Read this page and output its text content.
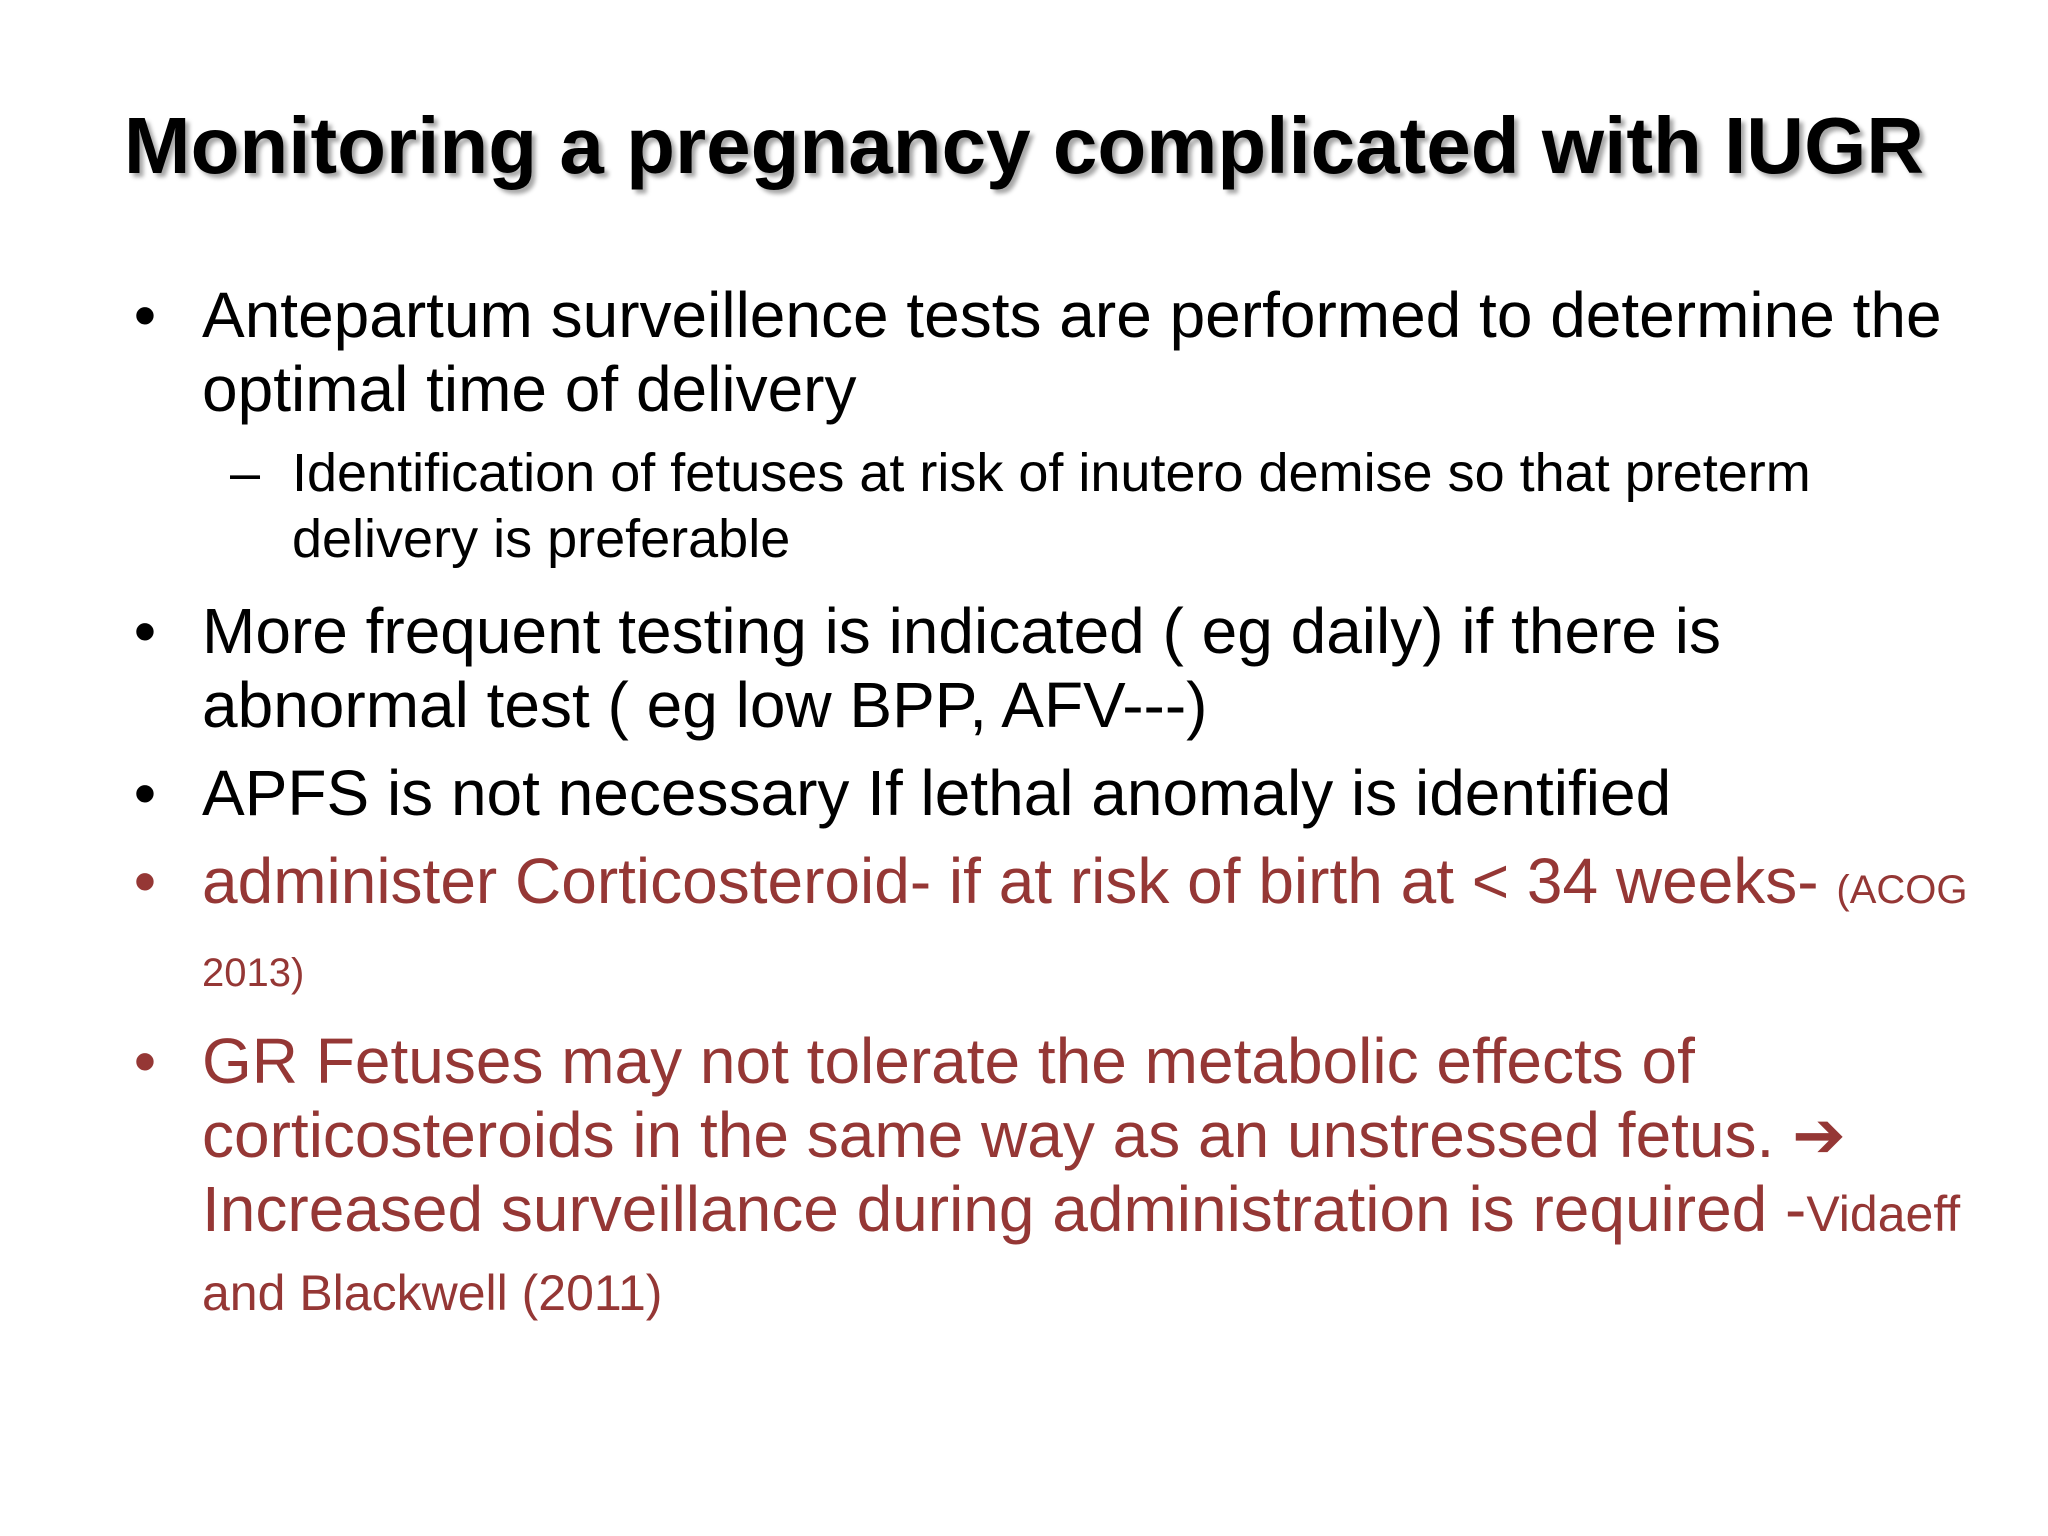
Monitoring a pregnancy complicated with IUGR
• Antepartum surveillence tests are performed to determine the optimal time of delivery
– Identification of fetuses at risk of inutero demise so that preterm delivery is preferable
• More frequent testing is indicated ( eg daily) if there is abnormal test ( eg low BPP, AFV---)
• APFS is not necessary If lethal anomaly is identified
• administer Corticosteroid- if at risk of birth at < 34 weeks- (ACOG 2013)
• GR Fetuses may not tolerate the metabolic effects of corticosteroids in the same way as an unstressed fetus. ➔ Increased surveillance during administration is required -Vidaeff and Blackwell (2011)
